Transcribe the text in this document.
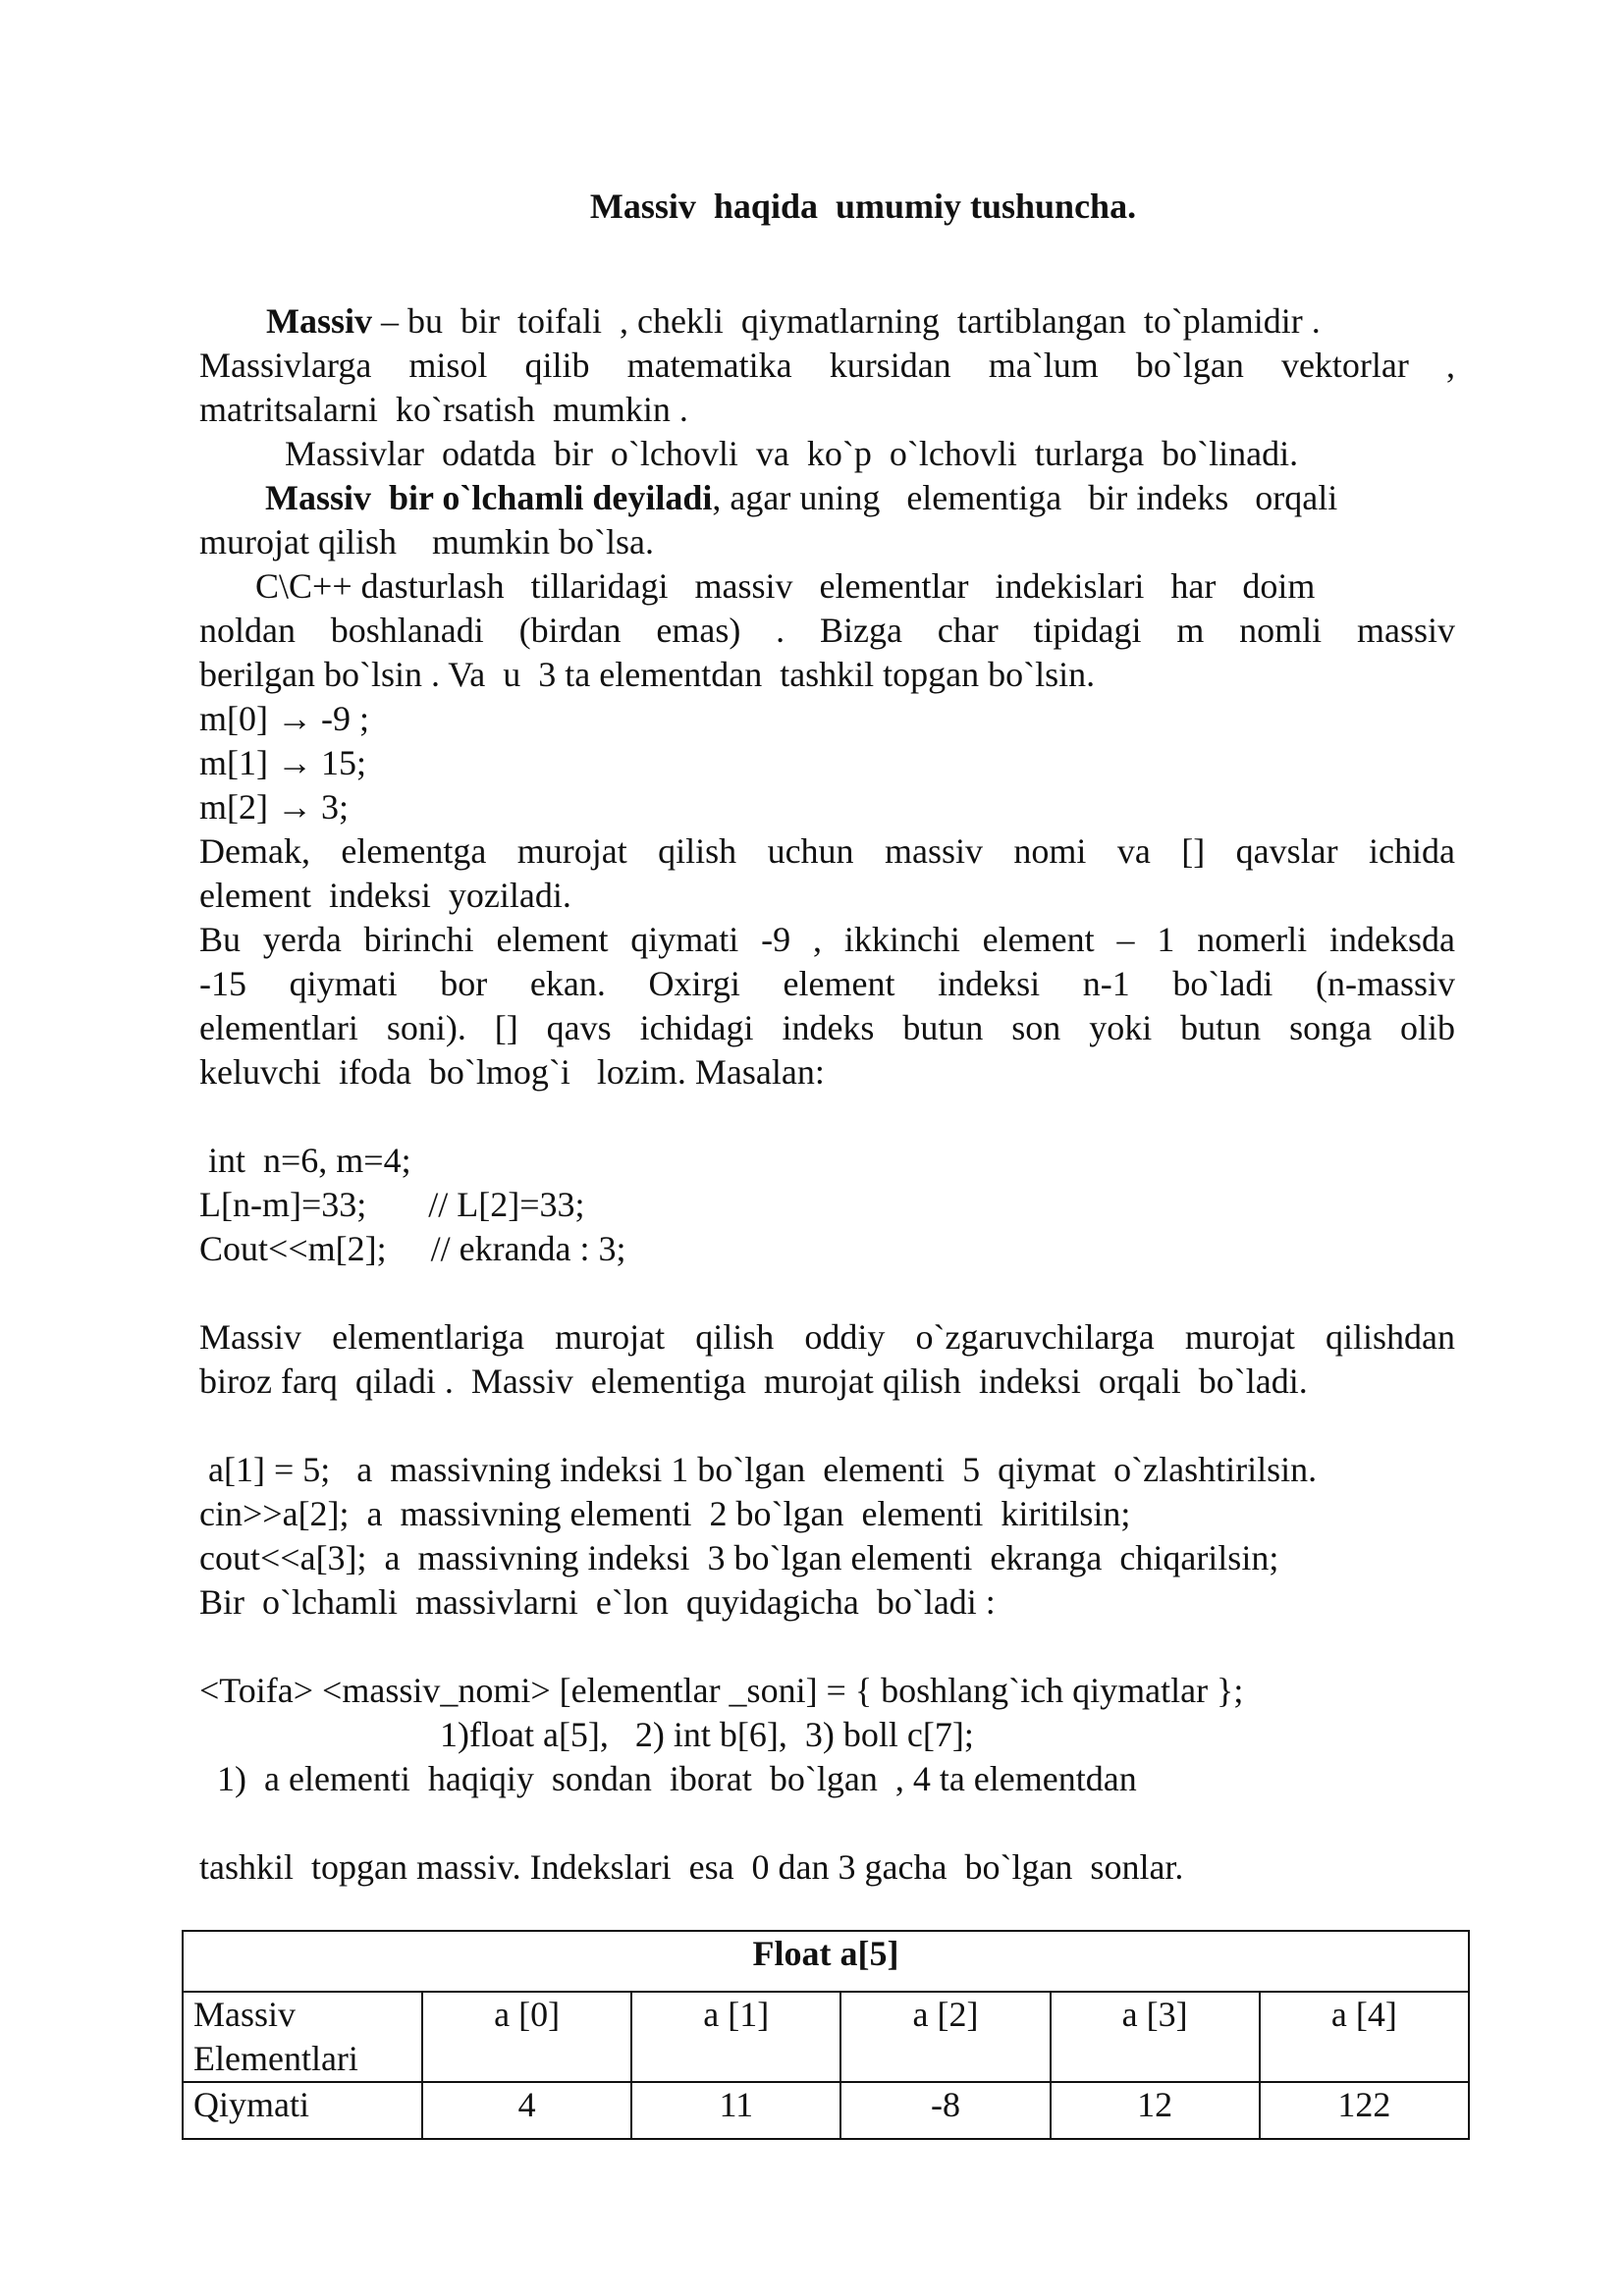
Massiv  haqida  umumiy tushuncha.
Massiv – bu  bir  toifali  , chekli  qiymatlarning  tartiblangan  to`plamidir .
Massivlarga misol qilib matematika kursidan ma`lum bo`lgan vektorlar ,
matritsalarni  ko`rsatish  mumkin .
Massivlar  odatda  bir  o`lchovli  va  ko`p  o`lchovli  turlarga  bo`linadi.
Massiv  bir o`lchamli deyiladi, agar uning   elementiga   bir indeks   orqali
murojat qilish    mumkin bo`lsa.
C\C++ dasturlash   tillaridagi   massiv   elementlar   indekislari   har   doim
noldan boshlanadi (birdan emas) . Bizga char tipidagi m nomli massiv
berilgan bo`lsin . Va  u  3 ta elementdan  tashkil topgan bo`lsin.
m[0] → -9 ;
m[1] → 15;
m[2] → 3;
Demak, elementga murojat qilish uchun massiv nomi va [] qavslar ichida
element  indeksi  yoziladi.
Bu yerda birinchi element qiymati -9 , ikkinchi element – 1 nomerli indeksda
-15 qiymati bor ekan. Oxirgi element indeksi n-1 bo`ladi (n-massiv
elementlari soni). [] qavs ichidagi indeks butun son yoki butun songa olib
keluvchi  ifoda  bo`lmog`i   lozim. Masalan:
int  n=6, m=4;
L[n-m]=33;       // L[2]=33;
Cout<<m[2];     // ekranda : 3;
Massiv elementlariga murojat qilish oddiy o`zgaruvchilarga murojat qilishdan
biroz farq  qiladi .  Massiv  elementiga  murojat qilish  indeksi  orqali  bo`ladi.
a[1] = 5;   a  massivning indeksi 1 bo`lgan  elementi  5  qiymat  o`zlashtirilsin.
cin>>a[2];  a  massivning elementi  2 bo`lgan  elementi  kiritilsin;
cout<<a[3];  a  massivning indeksi  3 bo`lgan elementi  ekranga  chiqarilsin;
Bir  o`lchamli  massivlarni  e`lon  quyidagicha  bo`ladi :
<Toifa> <massiv_nomi> [elementlar _soni] = { boshlang`ich qiymatlar };
1)float a[5],   2) int b[6],  3) boll c[7];
1)  a elementi  haqiqiy  sondan  iborat  bo`lgan  , 4 ta elementdan
tashkil  topgan massiv. Indekslari  esa  0 dan 3 gacha  bo`lgan  sonlar.
Float a[5]					
Massiv Elementlari	a [0]	a [1]	a [2]	a [3]	a [4]
Qiymati	4	11	-8	12	122
